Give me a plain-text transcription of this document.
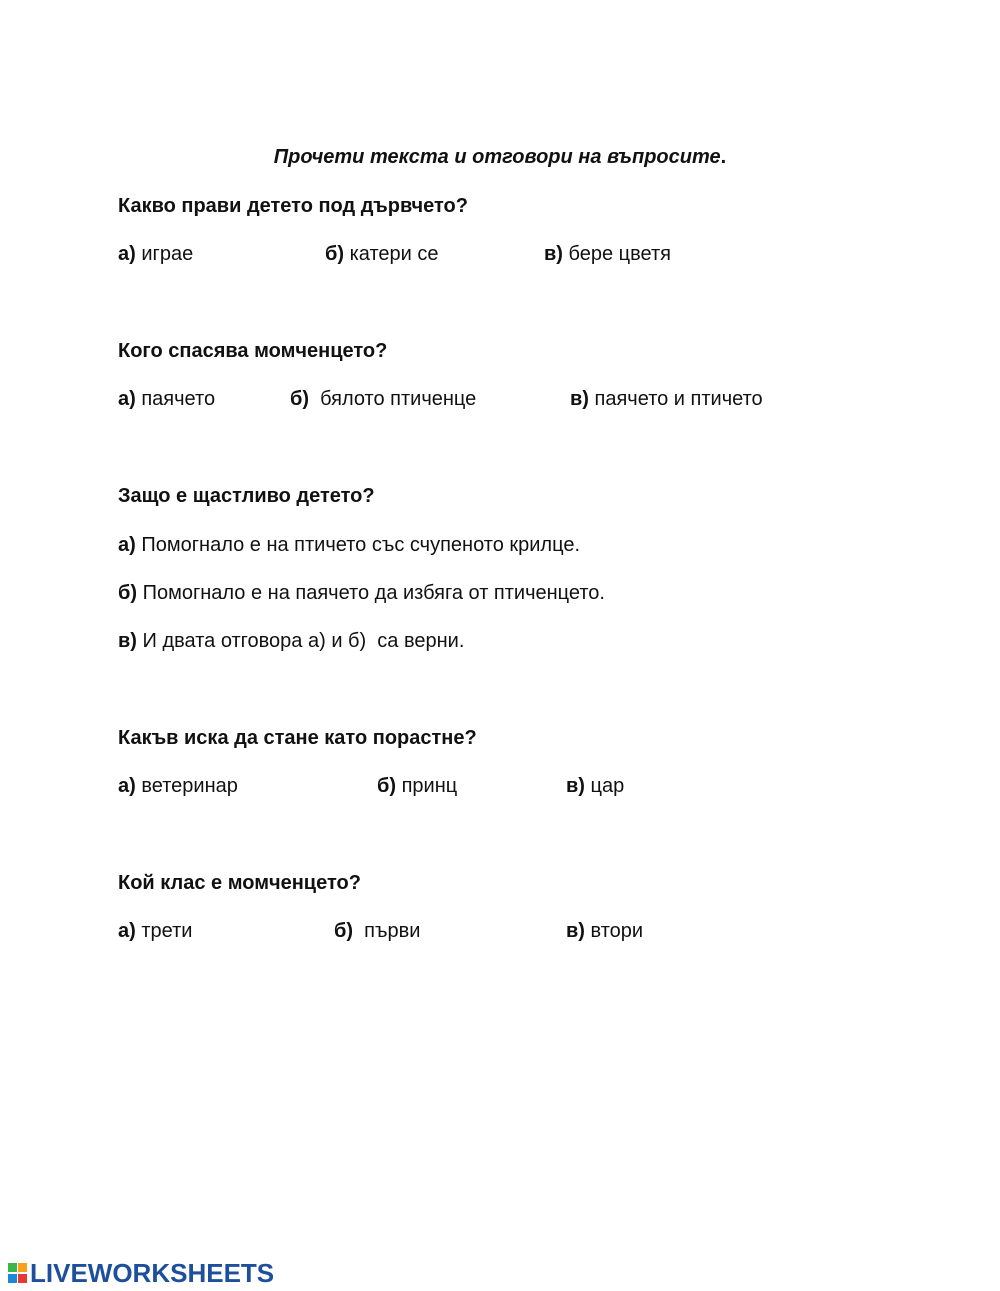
Прочети текста и отговори на въпросите.
Какво прави детето под дървчето?
а) играе	б) катери се	в) бере цветя
Кого спасява момченцето?
а) паячето	б)  бялото птиченце	в) паячето и птичето
Защо е щастливо детето?
а) Помогнало е на птичето със счупеното крилце.
б) Помогнало е на паячето да избяга от птиченцето.
в) И двата отговора а) и б)  са верни.
Какъв иска да стане като порастне?
а) ветеринар	б) принц	в) цар
Кой клас е момченцето?
а) трети	б)  първи	в) втори
LIVEWORKSHEETS
